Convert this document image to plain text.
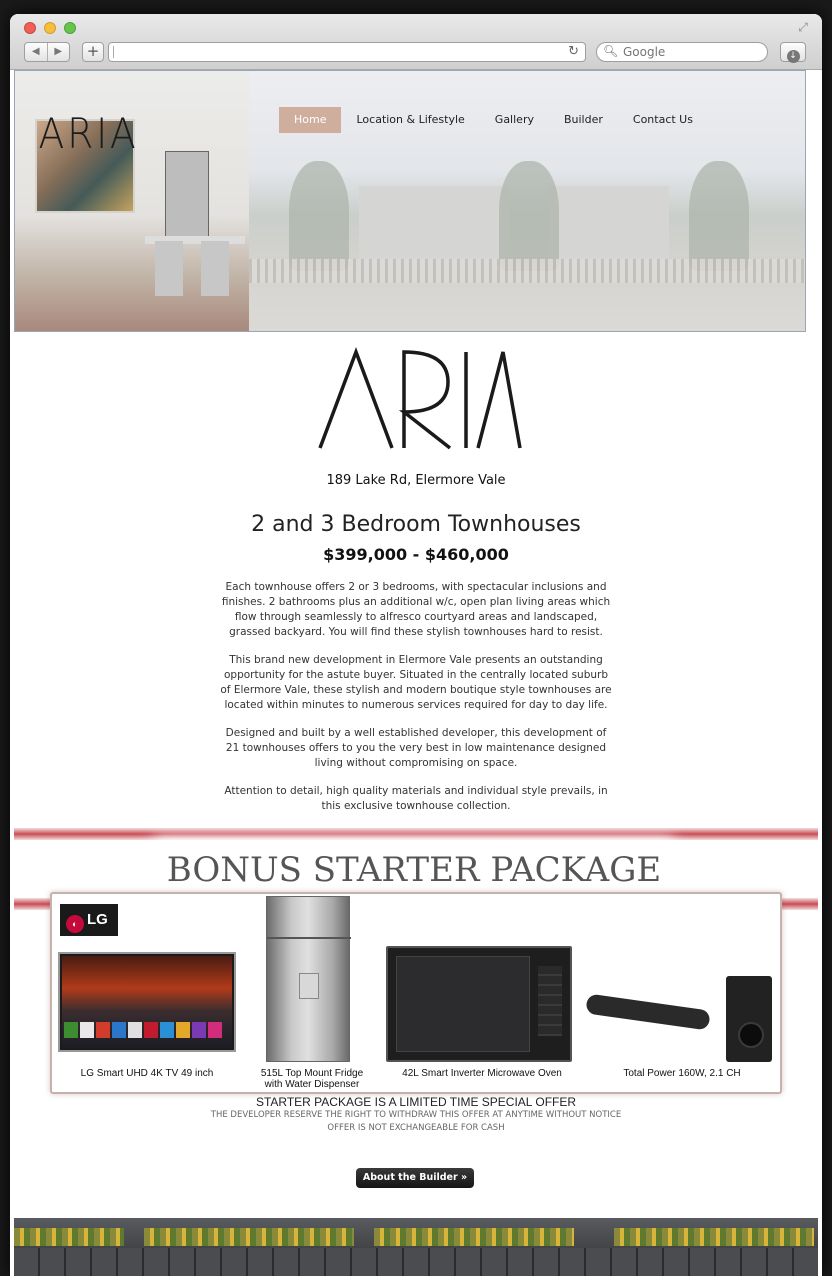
⤢
◀	▶	+	↻ 🔍︎
Google	↓
ARIA	Home	Location & Lifestyle	Gallery	Builder	Contact Us
ARIA
189 Lake Rd, Elermore Vale
2 and 3 Bedroom Townhouses
$399,000 - $460,000

Each townhouse offers 2 or 3 bedrooms, with spectacular inclusions and finishes. 2 bathrooms plus an additional w/c, open plan living areas which flow through seamlessly to alfresco courtyard areas and landscaped, grassed backyard. You will find these stylish townhouses hard to resist.

This brand new development in Elermore Vale presents an outstanding opportunity for the astute buyer. Situated in the centrally located suburb of Elermore Vale, these stylish and modern boutique style townhouses are located within minutes to numerous services required for day to day life.

Designed and built by a well established developer, this development of 21 townhouses offers to you the very best in low maintenance designed living without compromising on space.

Attention to detail, high quality materials and individual style prevails, in this exclusive townhouse collection.

BONUS STARTER PACKAGE
◐ LG
LG Smart UHD 4K TV 49 inch	515L Top Mount Fridge with Water Dispenser
42L Smart Inverter Microwave Oven	Total Power 160W, 2.1 CH
STARTER PACKAGE IS A LIMITED TIME SPECIAL OFFER
THE DEVELOPER RESERVE THE RIGHT TO WITHDRAW THIS OFFER AT ANYTIME WITHOUT NOTICE
OFFER IS NOT EXCHANGEABLE FOR CASH
About the Builder »
